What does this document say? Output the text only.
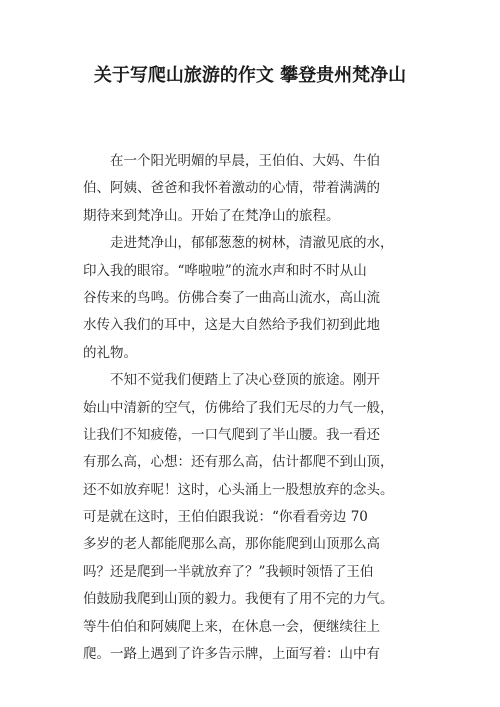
关于写爬山旅游的作文 攀登贵州梵净山
在一个阳光明媚的早晨，王伯伯、大妈、牛伯
伯、阿姨、爸爸和我怀着激动的心情，带着满满的
期待来到梵净山。开始了在梵净山的旅程。
走进梵净山，郁郁葱葱的树林，清澈见底的水，
印入我的眼帘。“哗啦啦”的流水声和时不时从山
谷传来的鸟鸣。仿佛合奏了一曲高山流水，高山流
水传入我们的耳中，这是大自然给予我们初到此地
的礼物。
不知不觉我们便踏上了决心登顶的旅途。刚开
始山中清新的空气，仿佛给了我们无尽的力气一般，
让我们不知疲倦，一口气爬到了半山腰。我一看还
有那么高，心想：还有那么高，估计都爬不到山顶，
还不如放弃呢！这时，心头涌上一股想放弃的念头。
可是就在这时，王伯伯跟我说：“你看看旁边 70
多岁的老人都能爬那么高，那你能爬到山顶那么高
吗？还是爬到一半就放弃了？”我顿时领悟了王伯
伯鼓励我爬到山顶的毅力。我便有了用不完的力气。
等牛伯伯和阿姨爬上来，在休息一会，便继续往上
爬。一路上遇到了许多告示牌，上面写着：山中有
